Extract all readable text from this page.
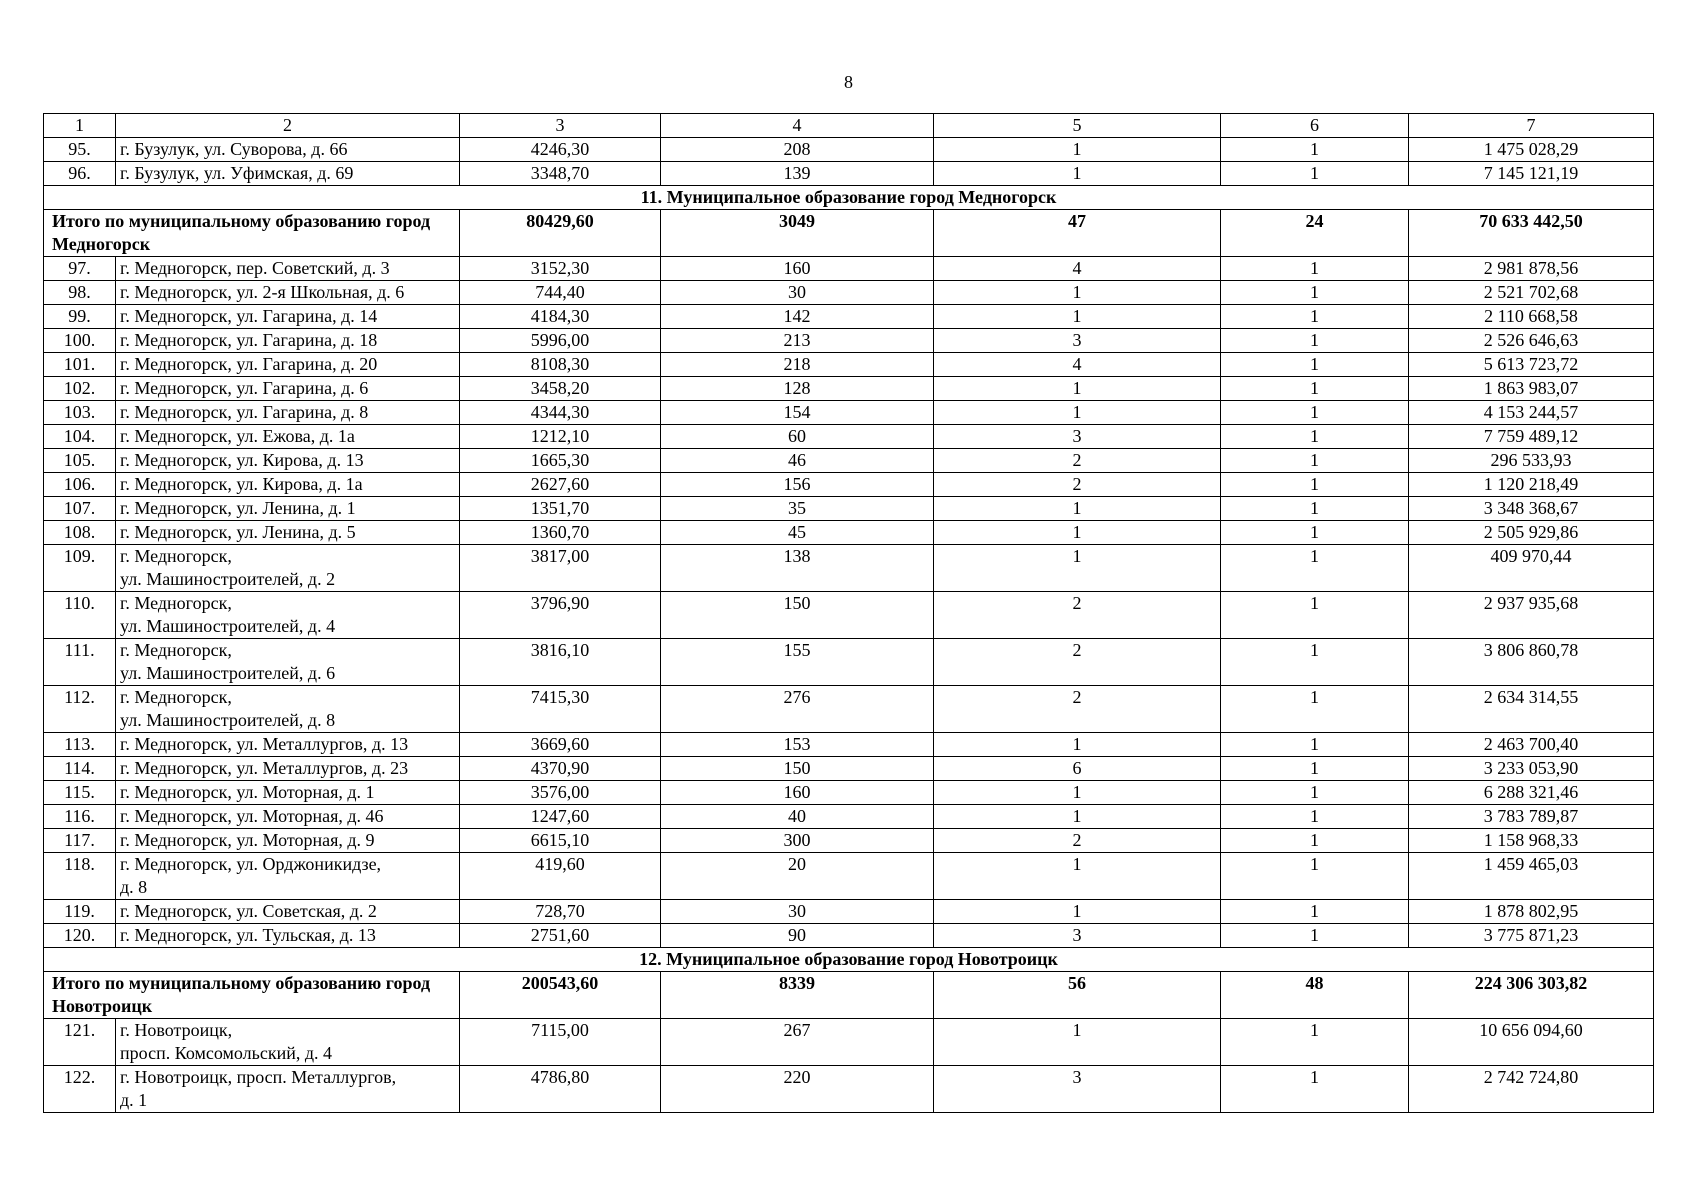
8
1	2	3	4	5	6	7
95.	г. Бузулук, ул. Суворова, д. 66	4246,30	208	1	1	1 475 028,29
96.	г. Бузулук, ул. Уфимская, д. 69	3348,70	139	1	1	7 145 121,19
11. Муниципальное образование город Медногорск						
Итого по муниципальному образованию город Медногорск		80429,60	3049	47	24	70 633 442,50
97.	г. Медногорск, пер. Советский, д. 3	3152,30	160	4	1	2 981 878,56
98.	г. Медногорск, ул. 2-я Школьная, д. 6	744,40	30	1	1	2 521 702,68
99.	г. Медногорск, ул. Гагарина, д. 14	4184,30	142	1	1	2 110 668,58
100.	г. Медногорск, ул. Гагарина, д. 18	5996,00	213	3	1	2 526 646,63
101.	г. Медногорск, ул. Гагарина, д. 20	8108,30	218	4	1	5 613 723,72
102.	г. Медногорск, ул. Гагарина, д. 6	3458,20	128	1	1	1 863 983,07
103.	г. Медногорск, ул. Гагарина, д. 8	4344,30	154	1	1	4 153 244,57
104.	г. Медногорск, ул. Ежова, д. 1а	1212,10	60	3	1	7 759 489,12
105.	г. Медногорск, ул. Кирова, д. 13	1665,30	46	2	1	296 533,93
106.	г. Медногорск, ул. Кирова, д. 1а	2627,60	156	2	1	1 120 218,49
107.	г. Медногорск, ул. Ленина, д. 1	1351,70	35	1	1	3 348 368,67
108.	г. Медногорск, ул. Ленина, д. 5	1360,70	45	1	1	2 505 929,86
109.	г. Медногорск,
ул. Машиностроителей, д. 2	3817,00	138	1	1	409 970,44
110.	г. Медногорск,
ул. Машиностроителей, д. 4	3796,90	150	2	1	2 937 935,68
111.	г. Медногорск,
ул. Машиностроителей, д. 6	3816,10	155	2	1	3 806 860,78
112.	г. Медногорск,
ул. Машиностроителей, д. 8	7415,30	276	2	1	2 634 314,55
113.	г. Медногорск, ул. Металлургов, д. 13	3669,60	153	1	1	2 463 700,40
114.	г. Медногорск, ул. Металлургов, д. 23	4370,90	150	6	1	3 233 053,90
115.	г. Медногорск, ул. Моторная, д. 1	3576,00	160	1	1	6 288 321,46
116.	г. Медногорск, ул. Моторная, д. 46	1247,60	40	1	1	3 783 789,87
117.	г. Медногорск, ул. Моторная, д. 9	6615,10	300	2	1	1 158 968,33
118.	г. Медногорск, ул. Орджоникидзе,
д. 8	419,60	20	1	1	1 459 465,03
119.	г. Медногорск, ул. Советская, д. 2	728,70	30	1	1	1 878 802,95
120.	г. Медногорск, ул. Тульская, д. 13	2751,60	90	3	1	3 775 871,23
12. Муниципальное образование город Новотроицк						
Итого по муниципальному образованию город Новотроицк		200543,60	8339	56	48	224 306 303,82
121.	г. Новотроицк,
просп. Комсомольский, д. 4	7115,00	267	1	1	10 656 094,60
122.	г. Новотроицк, просп. Металлургов,
д. 1	4786,80	220	3	1	2 742 724,80
